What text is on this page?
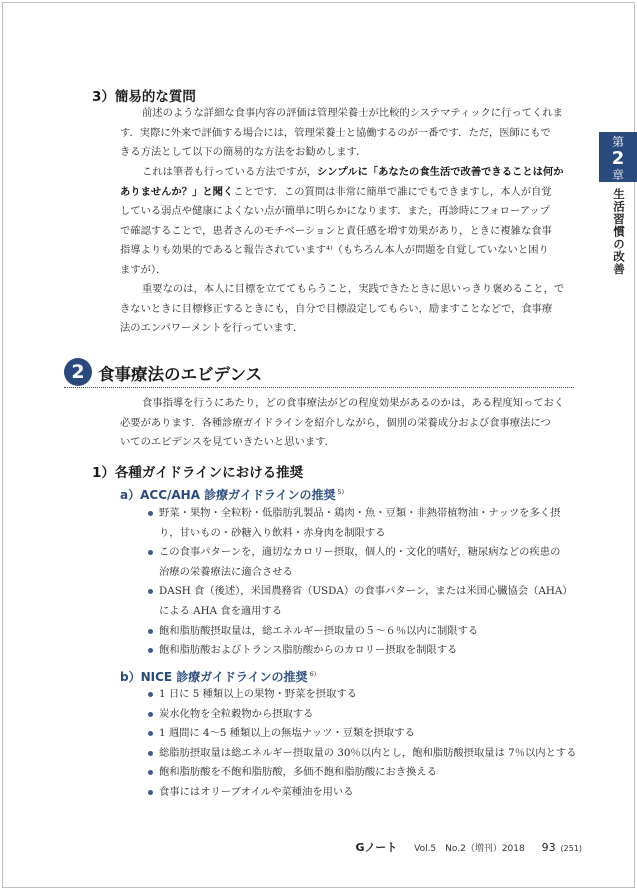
第
2
章
生活習慣の改善
3）簡易的な質問
前述のような詳細な食事内容の評価は管理栄養士が比較的システマティックに行ってくれま
す．実際に外来で評価する場合には，管理栄養士と協働するのが一番です．ただ，医師にもで
きる方法として以下の簡易的な方法をお勧めします．
これは筆者も行っている方法ですが，シンプルに「あなたの食生活で改善できることは何か
ありませんか？」と聞くことです．この質問は非常に簡単で誰にでもできますし，本人が自覚
している弱点や健康によくない点が簡単に明らかになります．また，再診時にフォローアップ
で確認することで，患者さんのモチベーションと責任感を増す効果があり，ときに複雑な食事
指導よりも効果的であると報告されています⁴⁾（もちろん本人が問題を自覚していないと困り
ますが）．
重要なのは，本人に目標を立ててもらうこと，実践できたときに思いっきり褒めること，で
きないときに目標修正するときにも，自分で目標設定してもらい，励ますことなどで，食事療
法のエンパワーメントを行っています．
2 食事療法のエビデンス
食事指導を行うにあたり，どの食事療法がどの程度効果があるのかは，ある程度知っておく
必要があります．各種診療ガイドラインを紹介しながら，個別の栄養成分および食事療法につ
いてのエビデンスを見ていきたいと思います．
1）各種ガイドラインにおける推奨
a）ACC/AHA 診療ガイドラインの推奨 $^{5)}$
野菜・果物・全粒粉・低脂肪乳製品・鶏肉・魚・豆類・非熱帯植物油・ナッツを多く摂
り，甘いもの・砂糖入り飲料・赤身肉を制限する
この食事パターンを，適切なカロリー摂取，個人的・文化的嗜好，糖尿病などの疾患の
治療の栄養療法に適合させる
DASH 食（後述），米国農務省（USDA）の食事パターン，または米国心臓協会（AHA）
による AHA 食を適用する
飽和脂肪酸摂取量は，総エネルギー摂取量の５～６％以内に制限する
飽和脂肪酸およびトランス脂肪酸からのカロリー摂取を制限する
b）NICE 診療ガイドラインの推奨 $^{6)}$
1 日に 5 種類以上の果物・野菜を摂取する
炭水化物を全粒穀物から摂取する
1 週間に 4～5 種類以上の無塩ナッツ・豆類を摂取する
総脂肪摂取量は総エネルギー摂取量の 30％以内とし，飽和脂肪酸摂取量は 7％以内とする
飽和脂肪酸を不飽和脂肪酸，多価不飽和脂肪酸におき換える
食事にはオリーブオイルや菜種油を用いる
Gノート Vol.5　No.2（増刊）2018 93 (251)
